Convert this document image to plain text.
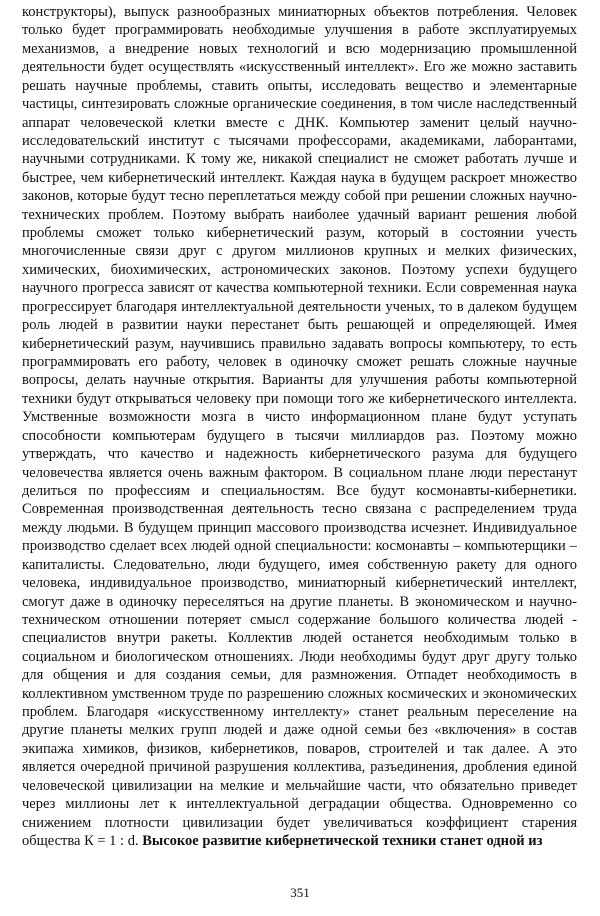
конструкторы), выпуск разнообразных миниатюрных объектов потребления. Человек только будет программировать необходимые улучшения в работе эксплуатируемых механизмов, а внедрение новых технологий и всю модернизацию промышленной деятельности будет осуществлять «искусственный интеллект». Его же можно заставить решать научные проблемы, ставить опыты, исследовать вещество и элементарные частицы, синтезировать сложные органические соединения, в том числе наследственный аппарат человеческой клетки вместе с ДНК. Компьютер заменит целый научно-исследовательский институт с тысячами профессорами, академиками, лаборантами, научными сотрудниками. К тому же, никакой специалист не сможет работать лучше и быстрее, чем кибернетический интеллект. Каждая наука в будущем раскроет множество законов, которые будут тесно переплетаться между собой при решении сложных научно-технических проблем. Поэтому выбрать наиболее удачный вариант решения любой проблемы сможет только кибернетический разум, который в состоянии учесть многочисленные связи друг с другом миллионов крупных и мелких физических, химических, биохимических, астрономических законов. Поэтому успехи будущего научного прогресса зависят от качества компьютерной техники. Если современная наука прогрессирует благодаря интеллектуальной деятельности ученых, то в далеком будущем роль людей в развитии науки перестанет быть решающей и определяющей. Имея кибернетический разум, научившись правильно задавать вопросы компьютеру, то есть программировать его работу, человек в одиночку сможет решать сложные научные вопросы, делать научные открытия. Варианты для улучшения работы компьютерной техники будут открываться человеку при помощи того же кибернетического интеллекта. Умственные возможности мозга в чисто информационном плане будут уступать способности компьютерам будущего в тысячи миллиардов раз. Поэтому можно утверждать, что качество и надежность кибернетического разума для будущего человечества является очень важным фактором. В социальном плане люди перестанут делиться по профессиям и специальностям. Все будут космонавты-кибернетики. Современная производственная деятельность тесно связана с распределением труда между людьми. В будущем принцип массового производства исчезнет. Индивидуальное производство сделает всех людей одной специальности: космонавты – компьютерщики – капиталисты. Следовательно, люди будущего, имея собственную ракету для одного человека, индивидуальное производство, миниатюрный кибернетический интеллект, смогут даже в одиночку переселяться на другие планеты. В экономическом и научно-техническом отношении потеряет смысл содержание большого количества людей - специалистов внутри ракеты. Коллектив людей останется необходимым только в социальном и биологическом отношениях. Люди необходимы будут друг другу только для общения и для создания семьи, для размножения. Отпадет необходимость в коллективном умственном труде по разрешению сложных космических и экономических проблем. Благодаря «искусственному интеллекту» станет реальным переселение на другие планеты мелких групп людей и даже одной семьи без «включения» в состав экипажа химиков, физиков, кибернетиков, поваров, строителей и так далее. А это является очередной причиной разрушения коллектива, разъединения, дробления единой человеческой цивилизации на мелкие и мельчайшие части, что обязательно приведет через миллионы лет к интеллектуальной деградации общества. Одновременно со снижением плотности цивилизации будет увеличиваться коэффициент старения общества К = 1 : d. Высокое развитие кибернетической техники станет одной из

351
